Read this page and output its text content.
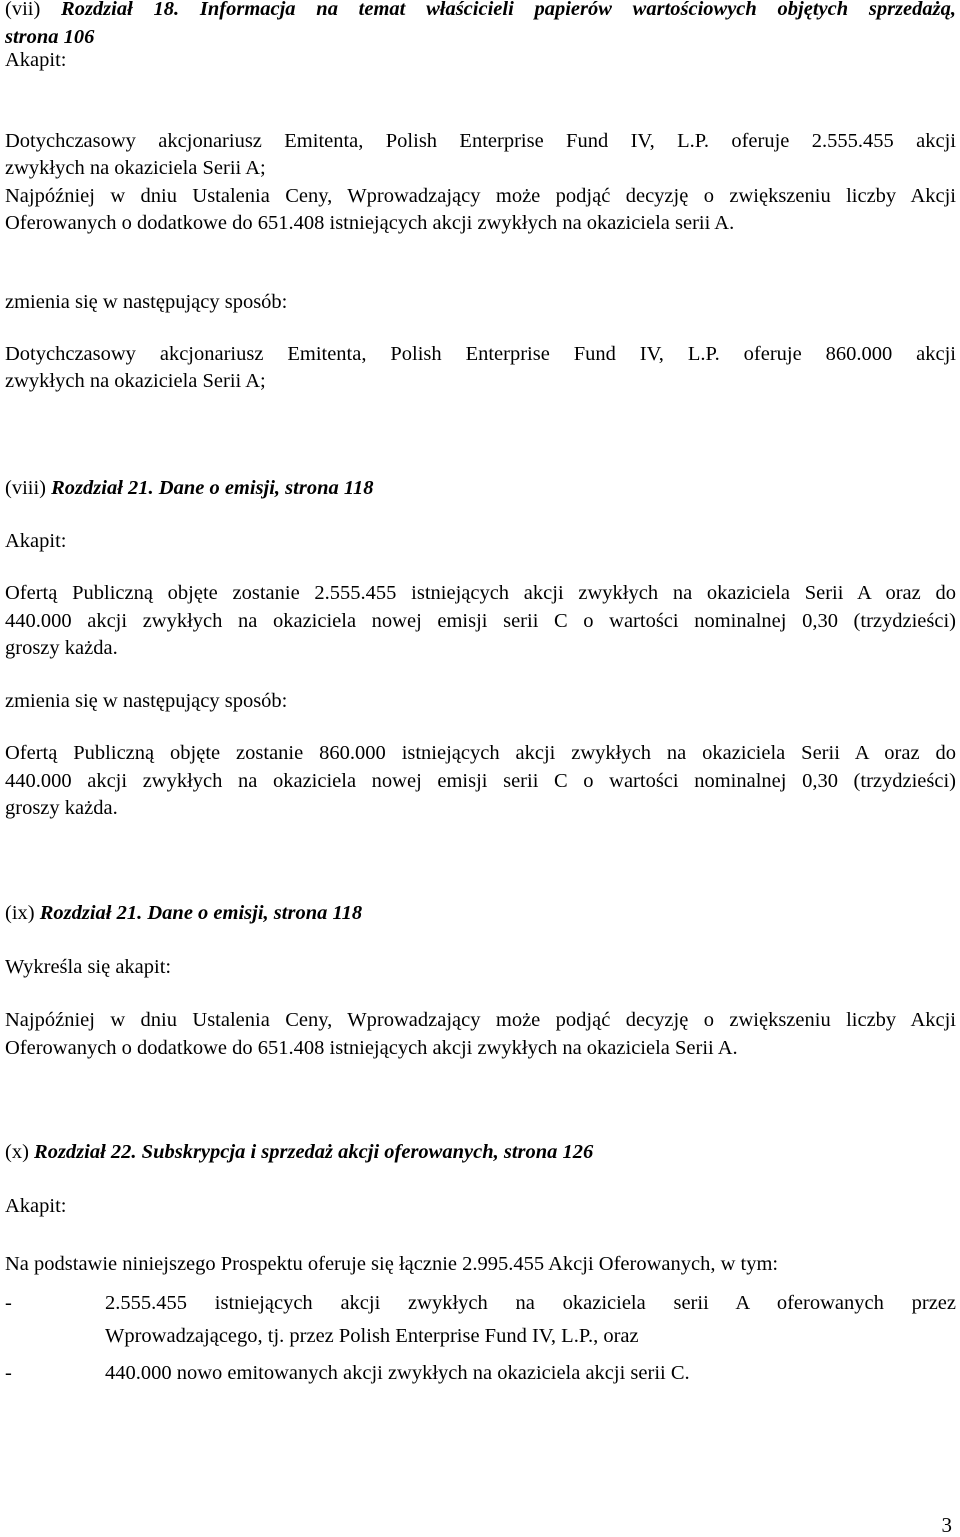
(vii) Rozdział 18. Informacja na temat właścicieli papierów wartościowych objętych sprzedażą,
strona 106
Akapit:
Dotychczasowy akcjonariusz Emitenta, Polish Enterprise Fund IV, L.P. oferuje 2.555.455 akcji
zwykłych na okaziciela Serii A;
Najpóźniej w dniu Ustalenia Ceny, Wprowadzający może podjąć decyzję o zwiększeniu liczby Akcji
Oferowanych o dodatkowe do 651.408 istniejących akcji zwykłych na okaziciela serii A.
zmienia się w następujący sposób:
Dotychczasowy akcjonariusz Emitenta, Polish Enterprise Fund IV, L.P. oferuje 860.000 akcji
zwykłych na okaziciela Serii A;
(viii) Rozdział 21. Dane o emisji, strona 118
Akapit:
Ofertą Publiczną objęte zostanie 2.555.455 istniejących akcji zwykłych na okaziciela Serii A oraz do
440.000 akcji zwykłych na okaziciela nowej emisji serii C o wartości nominalnej 0,30 (trzydzieści)
groszy każda.
zmienia się w następujący sposób:
Ofertą Publiczną objęte zostanie 860.000 istniejących akcji zwykłych na okaziciela Serii A oraz do
440.000 akcji zwykłych na okaziciela nowej emisji serii C o wartości nominalnej 0,30 (trzydzieści)
groszy każda.
(ix) Rozdział 21. Dane o emisji, strona 118
Wykreśla się akapit:
Najpóźniej w dniu Ustalenia Ceny, Wprowadzający może podjąć decyzję o zwiększeniu liczby Akcji
Oferowanych o dodatkowe do 651.408 istniejących akcji zwykłych na okaziciela Serii A.
(x) Rozdział 22. Subskrypcja i sprzedaż akcji oferowanych, strona 126
Akapit:
Na podstawie niniejszego Prospektu oferuje się łącznie 2.995.455 Akcji Oferowanych, w tym:
-	2.555.455 istniejących akcji zwykłych na okaziciela serii A oferowanych przez
Wprowadzającego, tj. przez Polish Enterprise Fund IV, L.P., oraz
-	440.000 nowo emitowanych akcji zwykłych na okaziciela akcji serii C.
3
